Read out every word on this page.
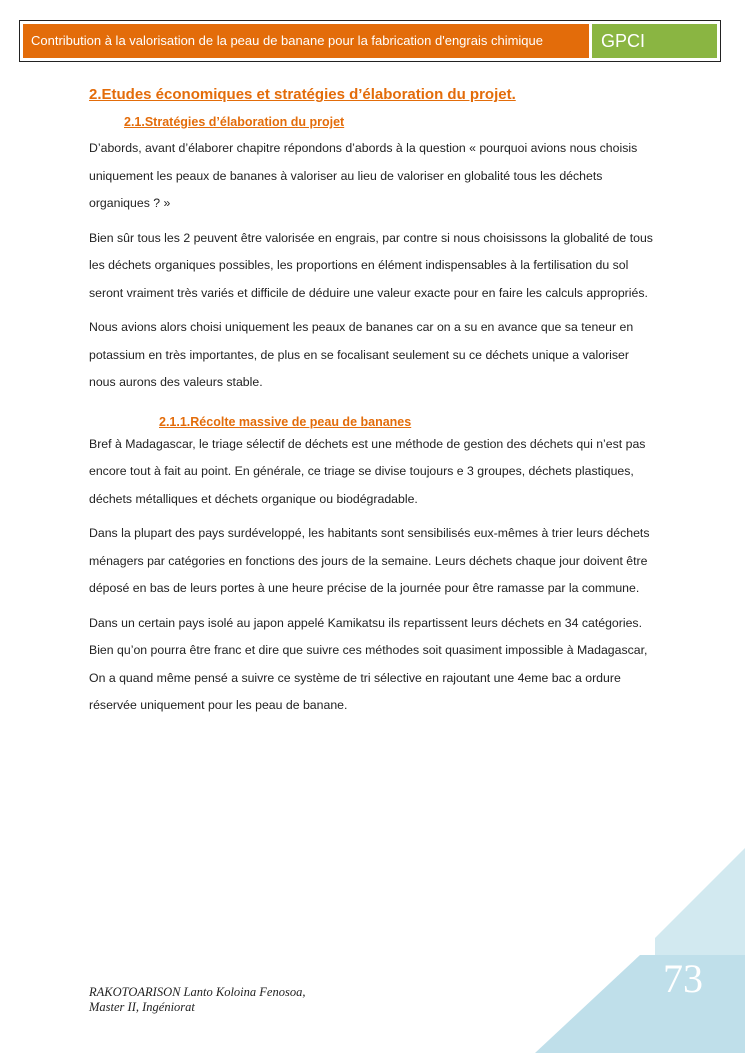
Contribution à la valorisation de la peau de banane pour la fabrication d'engrais chimique	GPCI
2.Etudes économiques et stratégies d’élaboration du projet.
2.1.Stratégies d’élaboration du projet

D’abords, avant d’élaborer chapitre répondons d’abords à la question « pourquoi avions nous choisis uniquement les peaux de bananes à valoriser au lieu de valoriser en globalité tous les déchets organiques ? »

Bien sûr tous les 2 peuvent être valorisée en engrais, par contre si nous choisissons la globalité de tous les déchets organiques possibles, les proportions en élément indispensables à la fertilisation du sol seront vraiment très variés et difficile de déduire une valeur exacte pour en faire les calculs appropriés.

Nous avions alors choisi uniquement les peaux de bananes car on a su en avance que sa teneur en potassium en très importantes, de plus en se focalisant seulement su ce déchets unique a valoriser nous aurons des valeurs stable.

2.1.1.Récolte massive de peau de bananes

Bref à Madagascar, le triage sélectif de déchets est une méthode de gestion des déchets qui n’est pas encore tout à fait au point. En générale, ce triage se divise toujours e 3 groupes, déchets plastiques, déchets métalliques et déchets organique ou biodégradable.

Dans la plupart des pays surdéveloppé, les habitants sont sensibilisés eux-mêmes à trier leurs déchets ménagers par catégories en fonctions des jours de la semaine. Leurs déchets chaque jour doivent être déposé en bas de leurs portes à une heure précise de la journée pour être ramasse par la commune.

Dans un certain pays isolé au japon appelé Kamikatsu ils repartissent leurs déchets en 34 catégories. Bien qu’on pourra être franc et dire que suivre ces méthodes soit quasiment impossible à Madagascar, On a quand même pensé a suivre ce système de tri sélective en rajoutant une 4eme bac a ordure réservée uniquement pour les peau de banane.

73
RAKOTOARISON Lanto Koloina Fenosoa,
Master II, Ingéniorat
